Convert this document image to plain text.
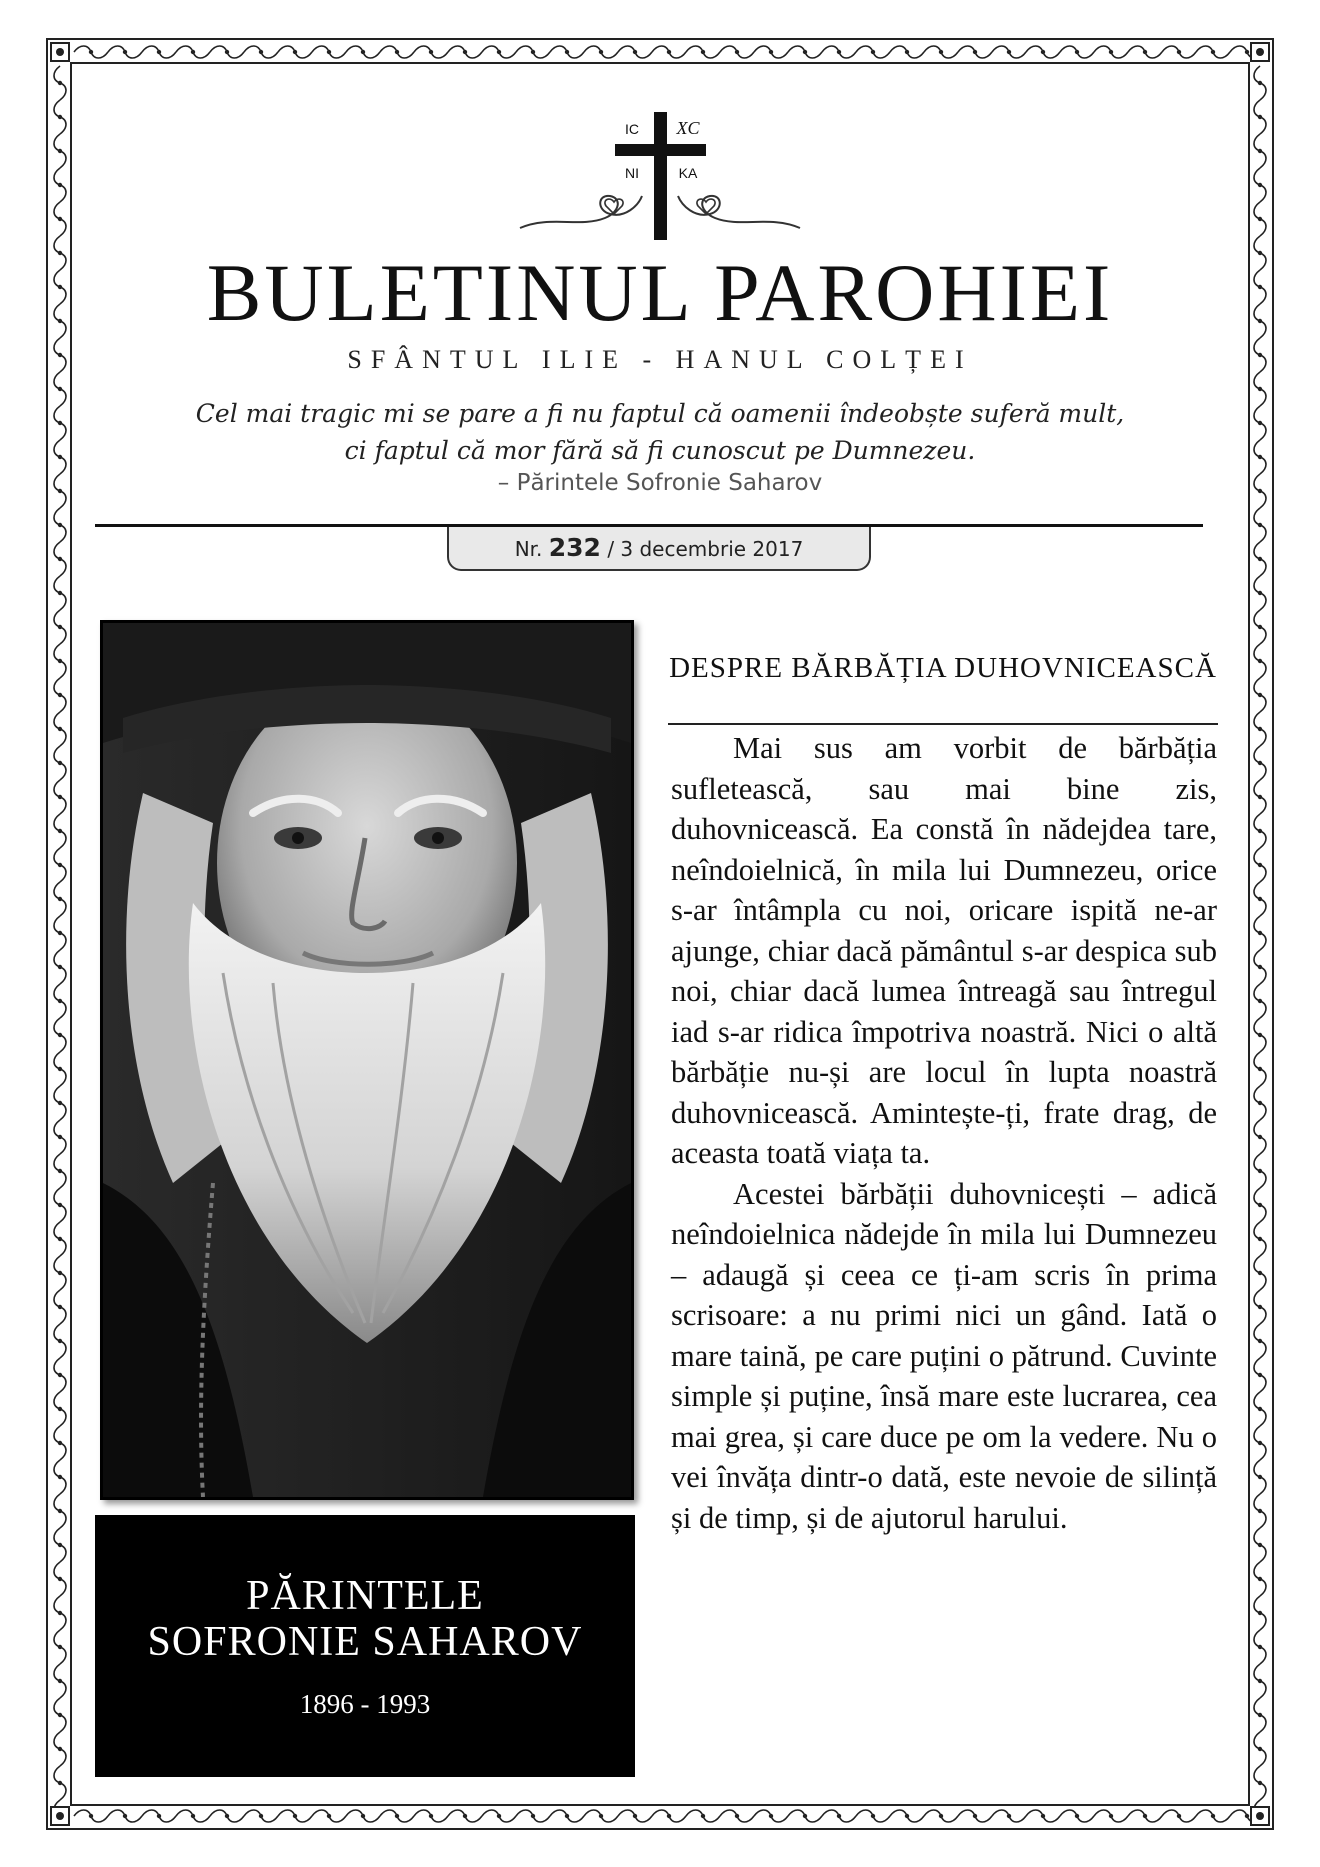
IC XC
NI	KA
BULETINUL PAROHIEI
SFÂNTUL ILIE - HANUL COLȚEI
Cel mai tragic mi se pare a fi nu faptul că oamenii îndeobște suferă mult,
ci faptul că mor fără să fi cunoscut pe Dumnezeu.
– Părintele Sofronie Saharov
Nr. 232 / 3 decembrie 2017
PĂRINTELE
SOFRONIE SAHAROV
1896 - 1993
DESPRE BĂRBĂȚIA DUHOVNICEASCĂ

Mai sus am vorbit de bărbăția sufletească, sau mai bine zis, duhovnicească. Ea constă în nădejdea tare, neîndoielnică, în mila lui Dumnezeu, orice s-ar întâmpla cu noi, oricare ispită ne-ar ajunge, chiar dacă pământul s-ar despica sub noi, chiar dacă lumea întreagă sau întregul iad s-ar ridica împotriva noastră. Nici o altă bărbăție nu-și are locul în lupta noastră duhovnicească. Amintește-ți, frate drag, de aceasta toată viața ta.

Acestei bărbății duhovnicești – adică neîndoielnica nădejde în mila lui Dumnezeu – adaugă și ceea ce ți-am scris în prima scrisoare: a nu primi nici un gând. Iată o mare taină, pe care puțini o pătrund. Cuvinte simple și puține, însă mare este lucrarea, cea mai grea, și care duce pe om la vedere. Nu o vei învăța dintr-o dată, este nevoie de silință și de timp, și de ajutorul harului.
